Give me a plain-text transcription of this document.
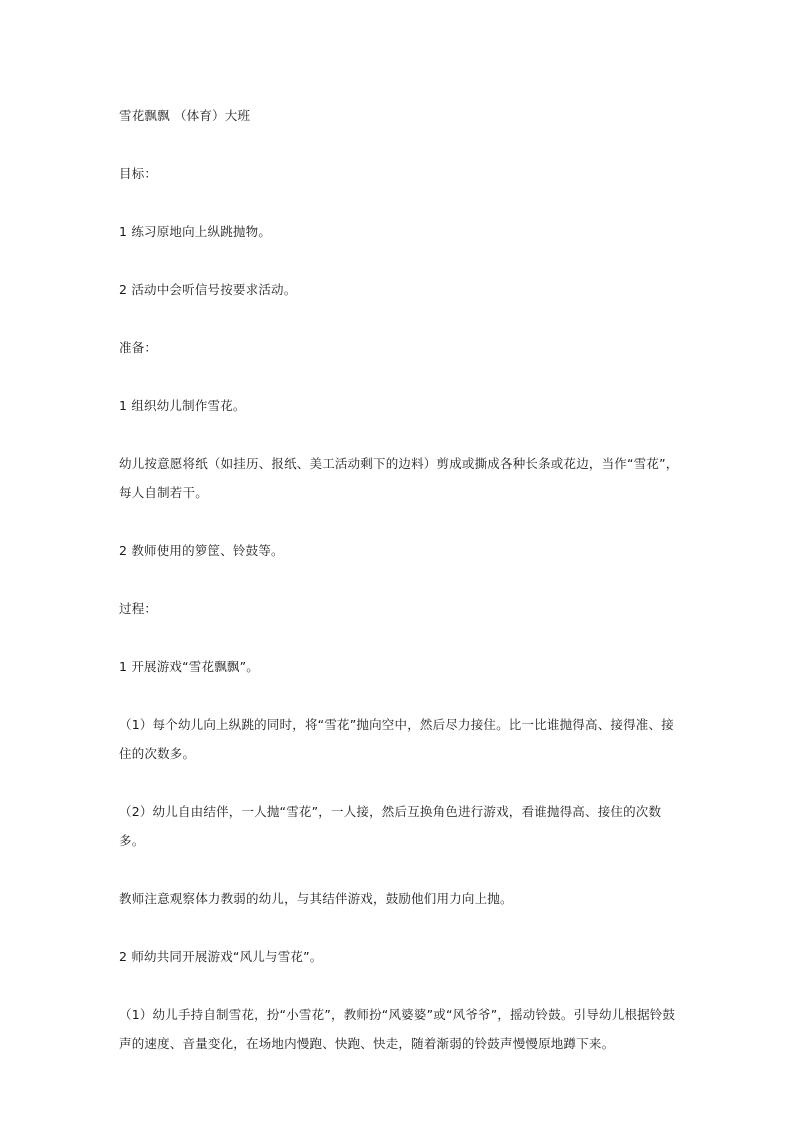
雪花飘飘 （体育）大班

目标：

1 练习原地向上纵跳抛物。

2 活动中会听信号按要求活动。

准备：

1 组织幼儿制作雪花。

幼儿按意愿将纸（如挂历、报纸、美工活动剩下的边料）剪成或撕成各种长条或花边，当作“雪花”，每人自制若干。

2 教师使用的箩筐、铃鼓等。

过程：

1 开展游戏“雪花飘飘”。

（1）每个幼儿向上纵跳的同时，将“雪花”抛向空中，然后尽力接住。比一比谁抛得高、接得准、接住的次数多。

（2）幼儿自由结伴，一人抛“雪花”，一人接，然后互换角色进行游戏，看谁抛得高、接住的次数多。

教师注意观察体力教弱的幼儿，与其结伴游戏，鼓励他们用力向上抛。

2 师幼共同开展游戏“风儿与雪花”。

（1）幼儿手持自制雪花，扮“小雪花”，教师扮“风婆婆”或“风爷爷”，摇动铃鼓。引导幼儿根据铃鼓声的速度、音量变化，在场地内慢跑、快跑、快走，随着渐弱的铃鼓声慢慢原地蹲下来。
